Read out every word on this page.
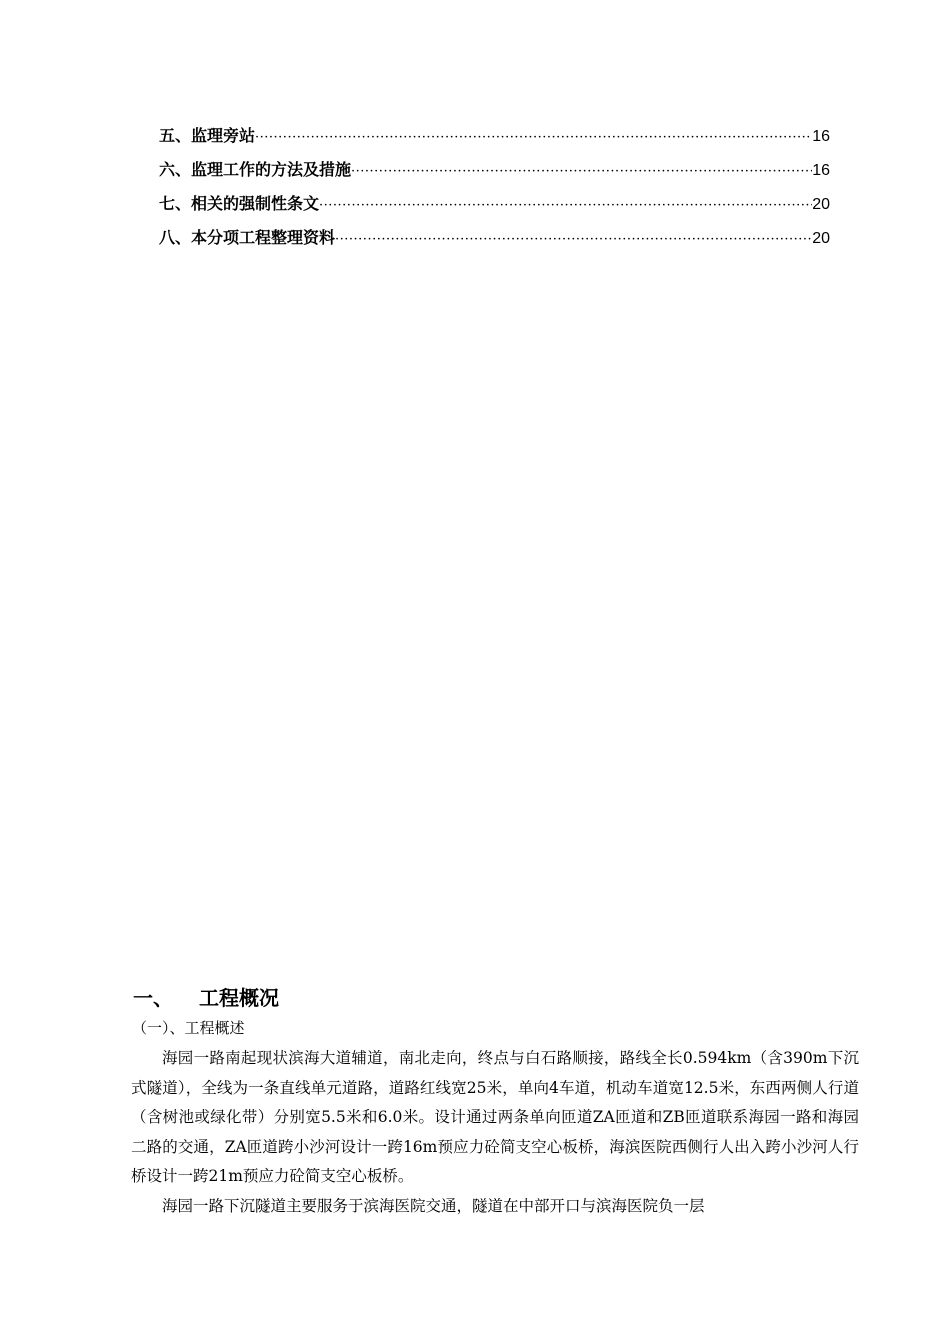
五、监理旁站 ·····	16
六、监理工作的方法及措施 ·····	16
七、相关的强制性条文 ·····	20
八、本分项工程整理资料 ·····	20
一、 工程概况
（一）、工程概述

海园一路南起现状滨海大道辅道，南北走向，终点与白石路顺接，路线全长0.594km（含390m下沉式隧道），全线为一条直线单元道路，道路红线宽25米，单向4车道，机动车道宽12.5米，东西两侧人行道（含树池或绿化带）分别宽5.5米和6.0米。设计通过两条单向匝道ZA匝道和ZB匝道联系海园一路和海园二路的交通，ZA匝道跨小沙河设计一跨16m预应力砼简支空心板桥，海滨医院西侧行人出入跨小沙河人行桥设计一跨21m预应力砼简支空心板桥。

海园一路下沉隧道主要服务于滨海医院交通，隧道在中部开口与滨海医院负一层
